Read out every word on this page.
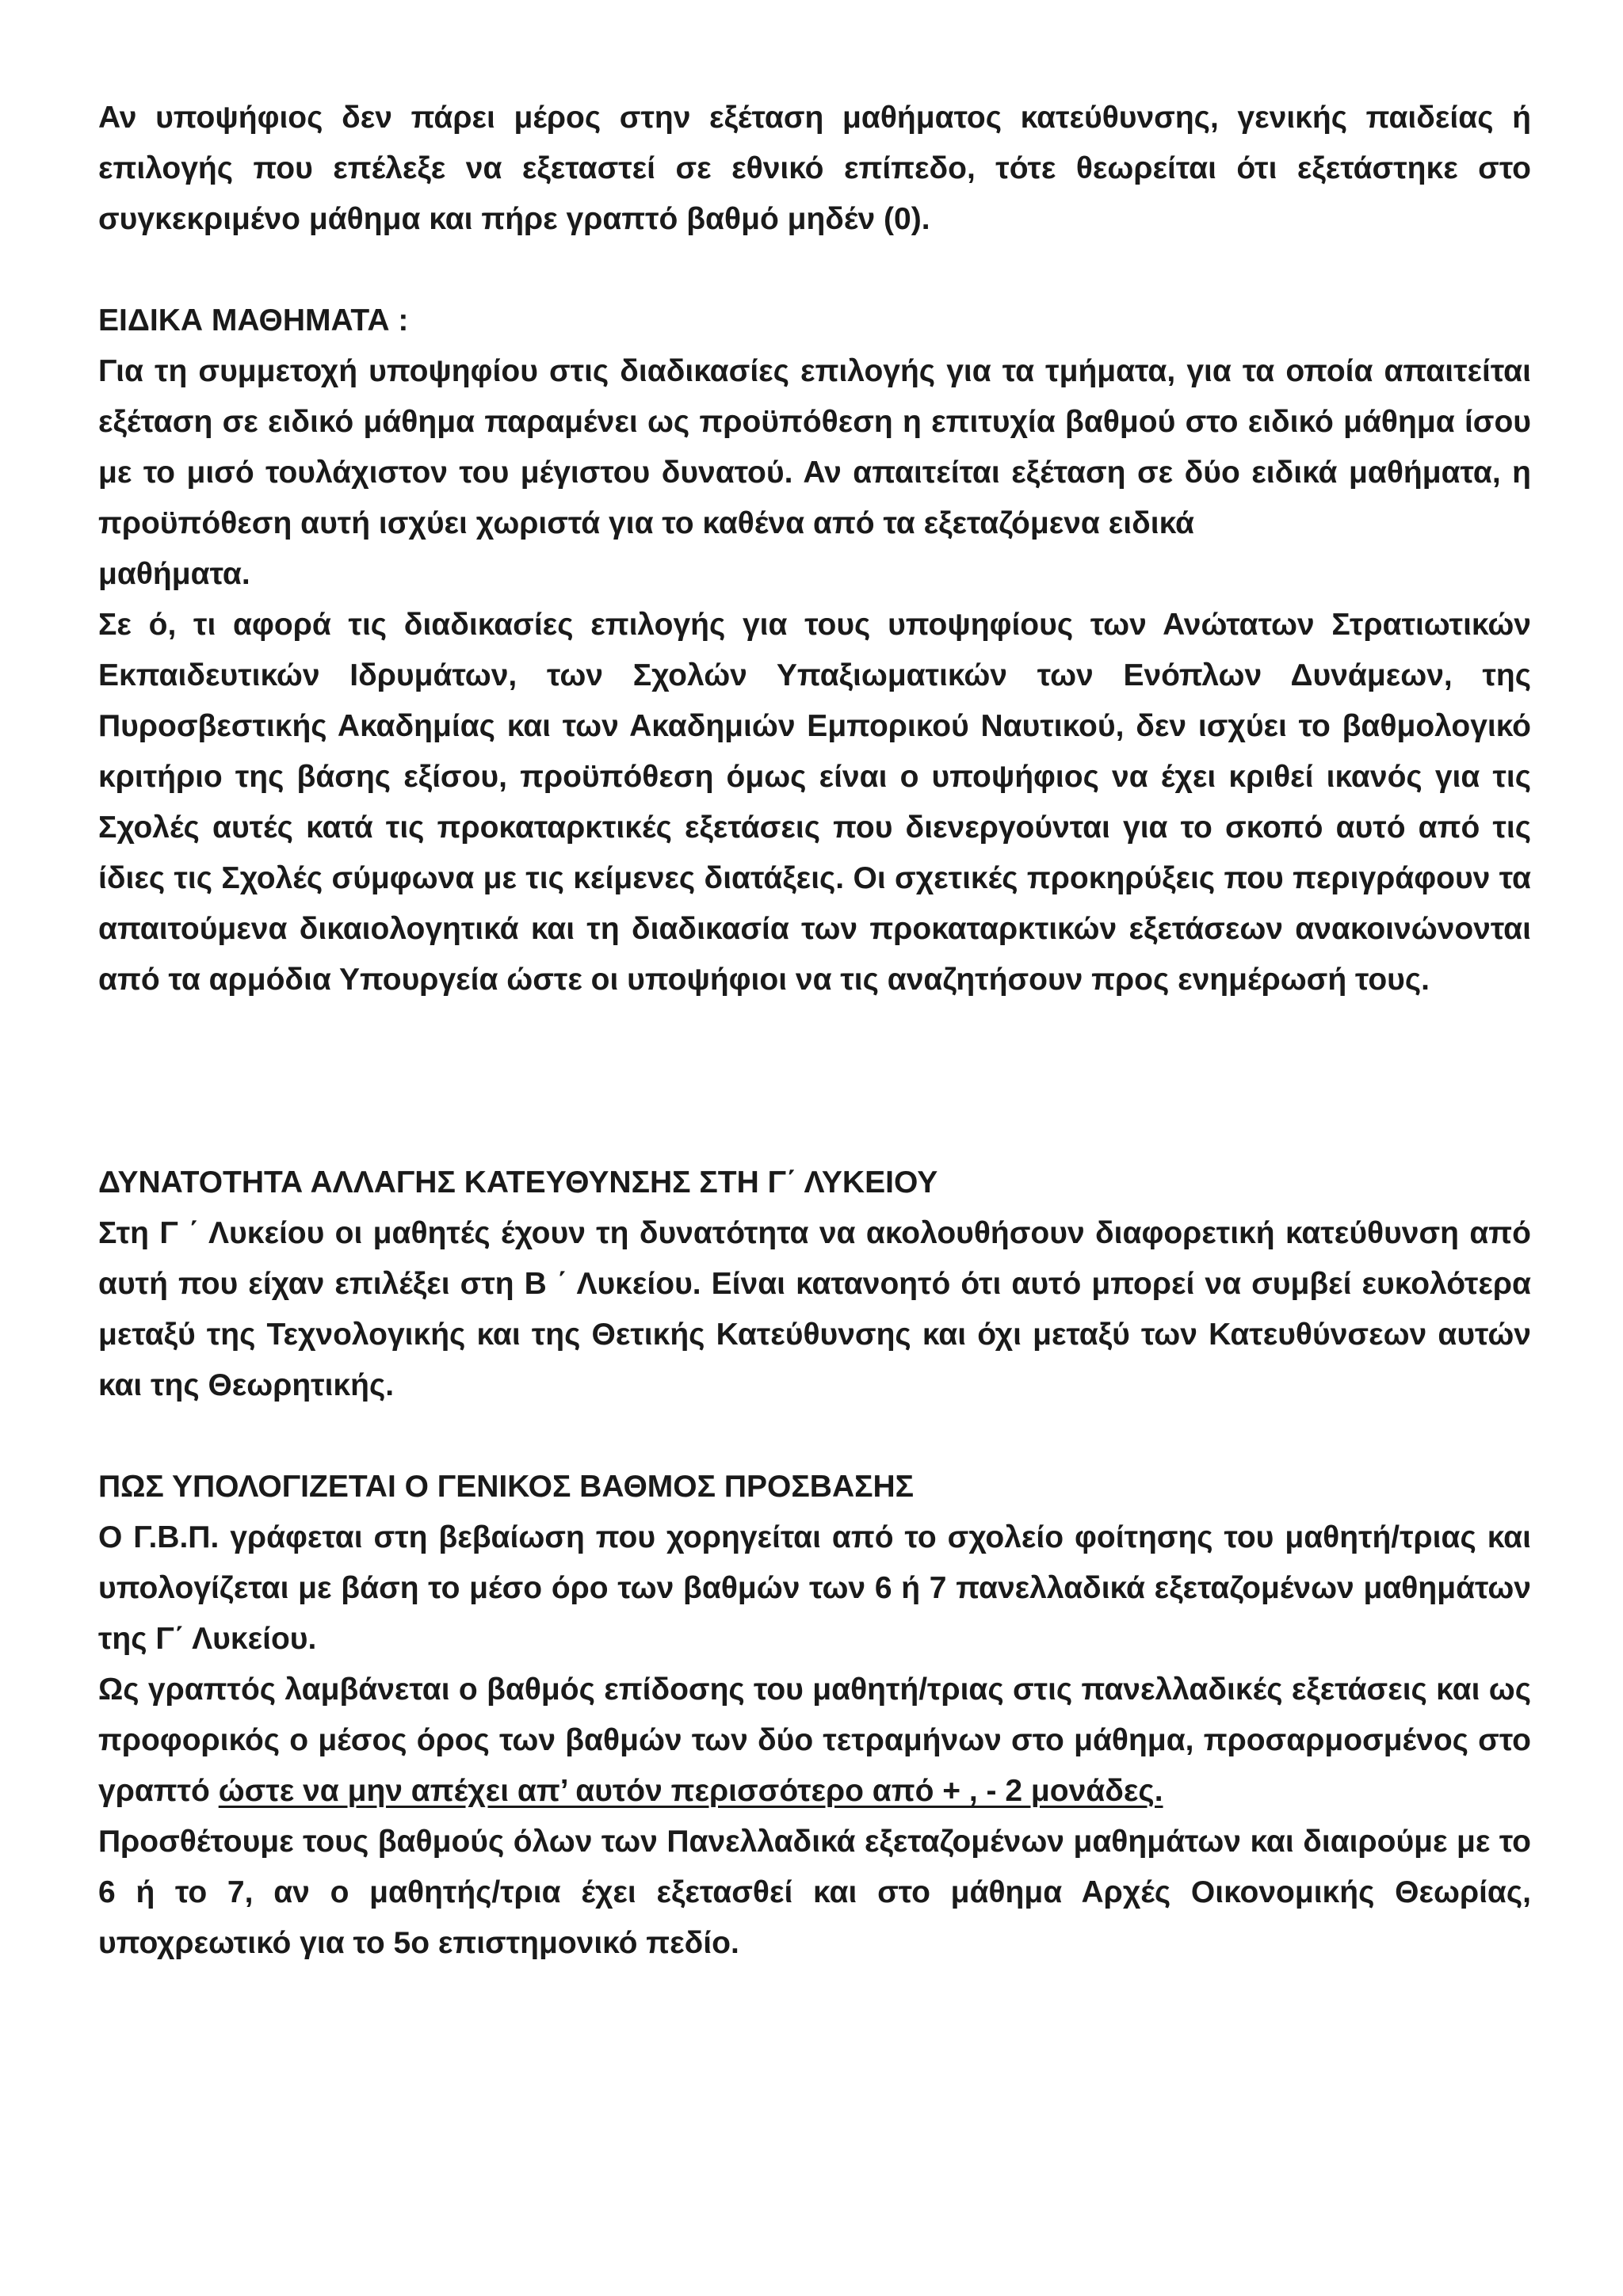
Αν υποψήφιος δεν πάρει μέρος στην εξέταση μαθήματος κατεύθυνσης, γενικής παιδείας ή επιλογής που επέλεξε να εξεταστεί σε εθνικό επίπεδο, τότε θεωρείται ότι εξετάστηκε στο συγκεκριμένο μάθημα και πήρε γραπτό βαθμό μηδέν (0).

ΕΙΔΙΚΑ ΜΑΘΗΜΑΤΑ :

Για τη συμμετοχή υποψηφίου στις διαδικασίες επιλογής για τα τμήματα, για τα οποία απαιτείται εξέταση σε ειδικό μάθημα παραμένει ως προϋπόθεση η επιτυχία βαθμού στο ειδικό μάθημα ίσου με το μισό τουλάχιστον του μέγιστου δυνατού. Αν απαιτείται εξέταση σε δύο ειδικά μαθήματα, η προϋπόθεση αυτή ισχύει χωριστά για το καθένα από τα εξεταζόμενα ειδικά

μαθήματα.

Σε ό, τι αφορά τις διαδικασίες επιλογής για τους υποψηφίους των Ανώτατων Στρατιωτικών Εκπαιδευτικών Ιδρυμάτων, των Σχολών Υπαξιωματικών των Ενόπλων Δυνάμεων, της Πυροσβεστικής Ακαδημίας και των Ακαδημιών Εμπορικού Ναυτικού, δεν ισχύει το βαθμολογικό κριτήριο της βάσης εξίσου, προϋπόθεση όμως είναι ο υποψήφιος να έχει κριθεί ικανός για τις Σχολές αυτές κατά τις προκαταρκτικές εξετάσεις που διενεργούνται για το σκοπό αυτό από τις ίδιες τις Σχολές σύμφωνα με τις κείμενες διατάξεις. Οι σχετικές προκηρύξεις που περιγράφουν τα απαιτούμενα δικαιολογητικά και τη διαδικασία των προκαταρκτικών εξετάσεων ανακοινώνονται από τα αρμόδια Υπουργεία ώστε οι υποψήφιοι να τις αναζητήσουν προς ενημέρωσή τους.

ΔΥΝΑΤΟΤΗΤΑ ΑΛΛΑΓΗΣ ΚΑΤΕΥΘΥΝΣΗΣ ΣΤΗ Γ΄ ΛΥΚΕΙΟΥ

Στη Γ ΄ Λυκείου οι μαθητές έχουν τη δυνατότητα να ακολουθήσουν διαφορετική κατεύθυνση από αυτή που είχαν επιλέξει στη Β ΄ Λυκείου. Είναι κατανοητό ότι αυτό μπορεί να συμβεί ευκολότερα μεταξύ της Τεχνολογικής και της Θετικής Κατεύθυνσης και όχι μεταξύ των Κατευθύνσεων αυτών και της Θεωρητικής.

ΠΩΣ ΥΠΟΛΟΓΙΖΕΤΑΙ Ο ΓΕΝΙΚΟΣ ΒΑΘΜΟΣ ΠΡΟΣΒΑΣΗΣ

Ο Γ.Β.Π. γράφεται στη βεβαίωση που χορηγείται από το σχολείο φοίτησης του μαθητή/τριας και υπολογίζεται με βάση το μέσο όρο των βαθμών των 6 ή 7 πανελλαδικά εξεταζομένων μαθημάτων της Γ΄ Λυκείου.

Ως γραπτός λαμβάνεται ο βαθμός επίδοσης του μαθητή/τριας στις πανελλαδικές εξετάσεις και ως προφορικός ο μέσος όρος των βαθμών των δύο τετραμήνων στο μάθημα, προσαρμοσμένος στο γραπτό ώστε να μην απέχει απ’ αυτόν περισσότερο από + , - 2 μονάδες.

Προσθέτουμε τους βαθμούς όλων των Πανελλαδικά εξεταζομένων μαθημάτων και διαιρούμε με το 6 ή το 7, αν ο μαθητής/τρια έχει εξετασθεί και στο μάθημα Αρχές Οικονομικής Θεωρίας, υποχρεωτικό για το 5ο επιστημονικό πεδίο.
